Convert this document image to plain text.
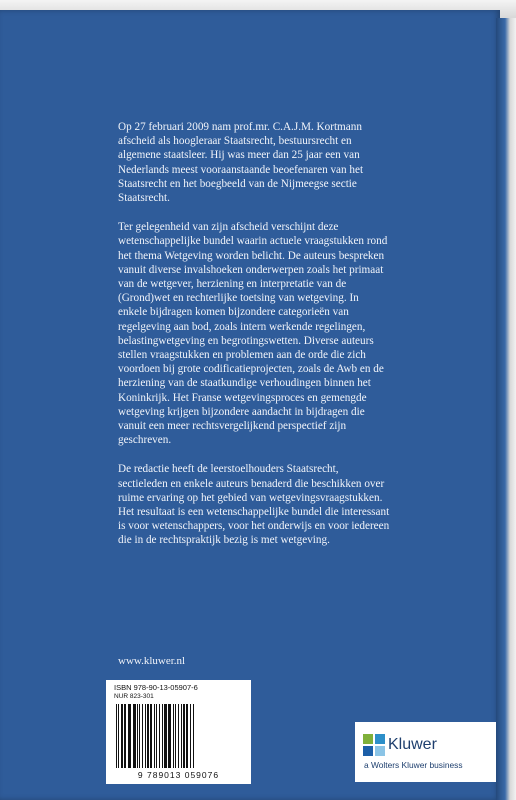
Op 27 februari 2009 nam prof.mr. C.A.J.M. Kortmann afscheid als hoogleraar Staatsrecht, bestuursrecht en algemene staatsleer. Hij was meer dan 25 jaar een van Nederlands meest vooraanstaande beoefenaren van het Staatsrecht en het boegbeeld van de Nijmeegse sectie Staatsrecht.

Ter gelegenheid van zijn afscheid verschijnt deze wetenschappelijke bundel waarin actuele vraagstukken rond het thema Wetgeving worden belicht. De auteurs bespreken vanuit diverse invalshoeken onderwerpen zoals het primaat van de wetgever, herziening en interpretatie van de (Grond)wet en rechterlijke toetsing van wetgeving. In enkele bijdragen komen bijzondere categorieën van regelgeving aan bod, zoals intern werkende regelingen, belastingwetgeving en begrotingswetten. Diverse auteurs stellen vraagstukken en problemen aan de orde die zich voordoen bij grote codificatieprojecten, zoals de Awb en de herziening van de staatkundige verhoudingen binnen het Koninkrijk. Het Franse wetgevingsproces en gemengde wetgeving krijgen bijzondere aandacht in bijdragen die vanuit een meer rechtsvergelijkend perspectief zijn geschreven.

De redactie heeft de leerstoelhouders Staatsrecht, sectieleden en enkele auteurs benaderd die beschikken over ruime ervaring op het gebied van wetgevingsvraagstukken. Het resultaat is een wetenschappelijke bundel die interessant is voor wetenschappers, voor het onderwijs en voor iedereen die in de rechtspraktijk bezig is met wetgeving.

www.kluwer.nl
ISBN 978-90-13-05907-6
NUR 823-301
9 789013 059076
Kluwer
a Wolters Kluwer business
